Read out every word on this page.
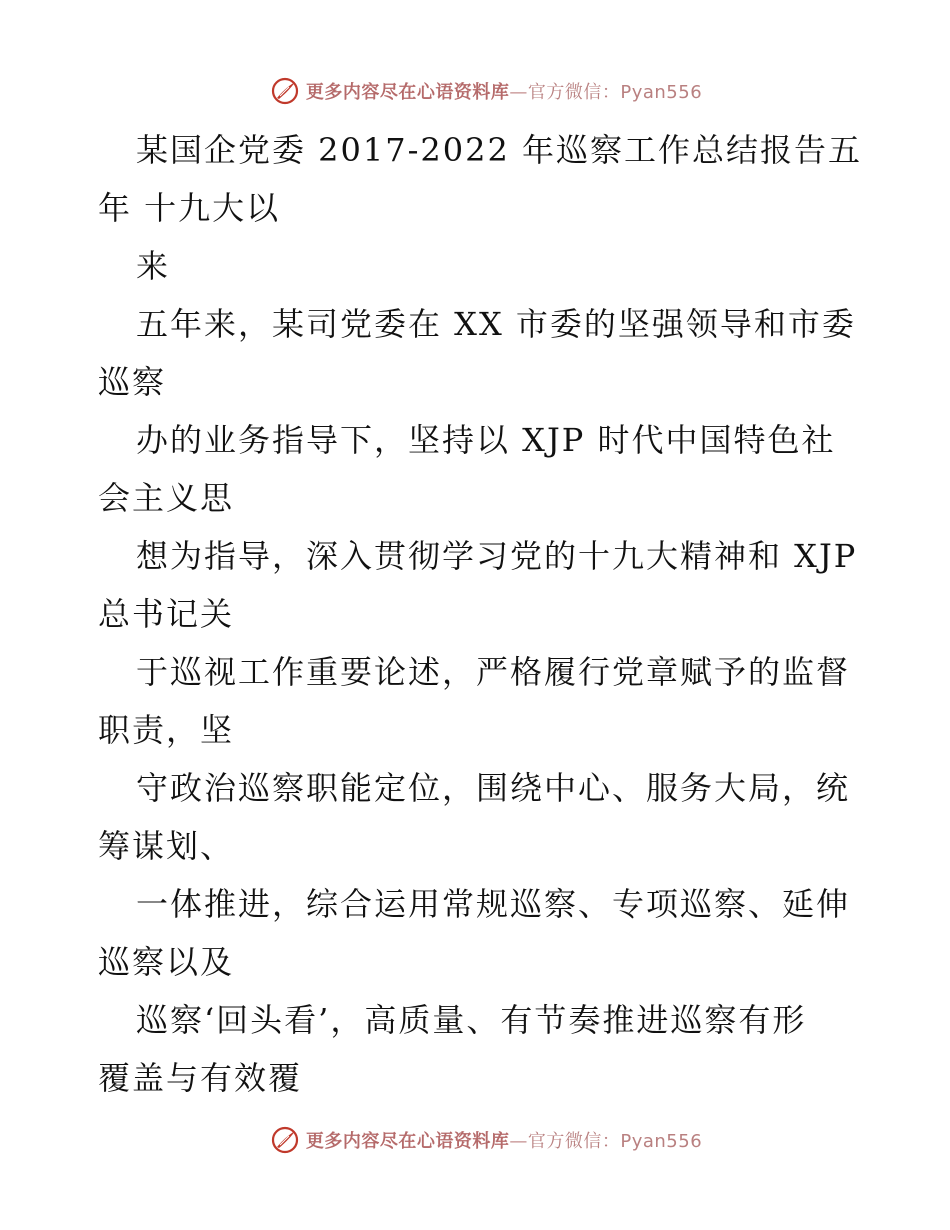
更多内容尽在心语资料库—官方微信：Pyan556
某国企党委 2017-2022 年巡察工作总结报告五
年 十九大以
来
五年来，某司党委在 XX 市委的坚强领导和市委
巡察
办的业务指导下，坚持以 XJP 时代中国特色社
会主义思
想为指导，深入贯彻学习党的十九大精神和 XJP
总书记关
于巡视工作重要论述，严格履行党章赋予的监督
职责，坚
守政治巡察职能定位，围绕中心、服务大局，统
筹谋划、
一体推进，综合运用常规巡察、专项巡察、延伸
巡察以及
巡察‘回头看’，高质量、有节奏推进巡察有形
覆盖与有效覆
更多内容尽在心语资料库—官方微信：Pyan556
